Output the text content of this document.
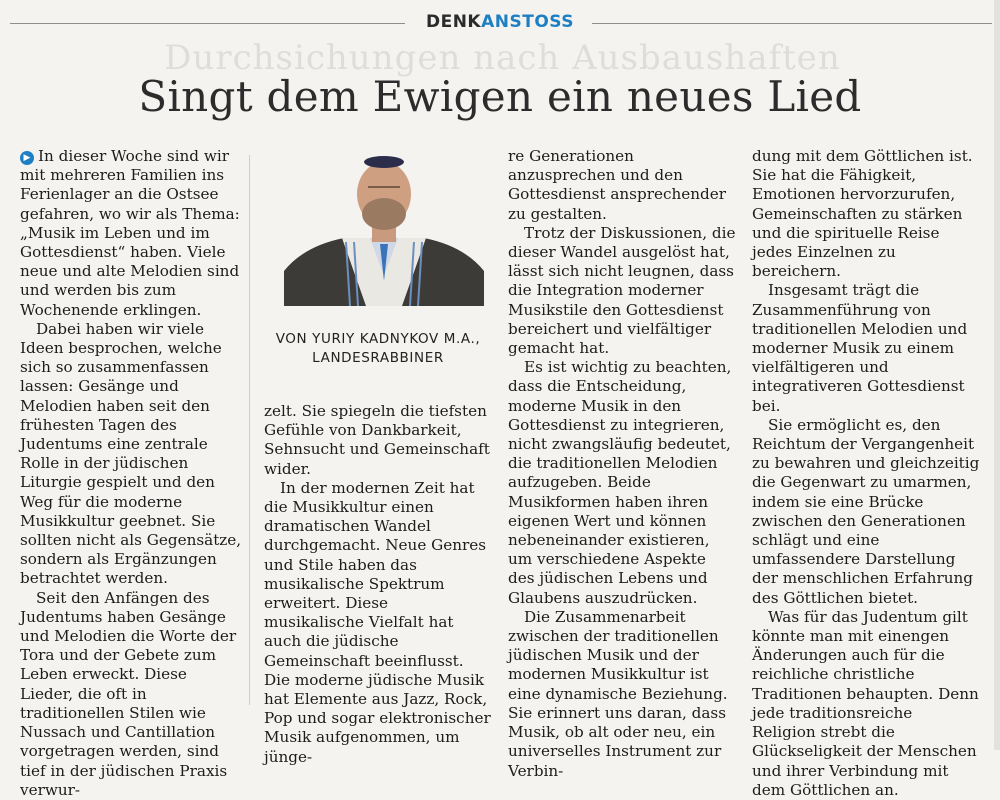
Durchsichungen nach Ausbaushaften
DENKANSTOSS
Singt dem Ewigen ein neues Lied

▶ In dieser Woche sind wir mit mehreren Familien ins Ferienlager an die Ostsee gefahren, wo wir als Thema: „Musik im Leben und im Gottesdienst“ haben. Viele neue und alte Melodien sind und werden bis zum Wochenende erklingen.

Dabei haben wir viele Ideen besprochen, welche sich so zusammenfassen lassen: Gesänge und Melodien haben seit den frühesten Tagen des Judentums eine zentrale Rolle in der jüdischen Liturgie gespielt und den Weg für die moderne Musikkultur geebnet. Sie sollten nicht als Gegensätze, sondern als Ergänzungen betrachtet werden.

Seit den Anfängen des Judentums haben Gesänge und Melodien die Worte der Tora und der Gebete zum Leben erweckt. Diese Lieder, die oft in traditionellen Stilen wie Nussach und Cantillation vorgetragen werden, sind tief in der jüdischen Praxis verwur-

VON YURIY KADNYKOV M.A.,
LANDESRABBINER

zelt. Sie spiegeln die tiefsten Gefühle von Dankbarkeit, Sehnsucht und Gemeinschaft wider.

In der modernen Zeit hat die Musikkultur einen dramatischen Wandel durchgemacht. Neue Genres und Stile haben das musikalische Spektrum erweitert. Diese musikalische Vielfalt hat auch die jüdische Gemeinschaft beeinflusst. Die moderne jüdische Musik hat Elemente aus Jazz, Rock, Pop und sogar elektronischer Musik aufgenommen, um jünge-

re Generationen anzusprechen und den Gottesdienst ansprechender zu gestalten.

Trotz der Diskussionen, die dieser Wandel ausgelöst hat, lässt sich nicht leugnen, dass die Integration moderner Musikstile den Gottesdienst bereichert und vielfältiger gemacht hat.

Es ist wichtig zu beachten, dass die Entscheidung, moderne Musik in den Gottesdienst zu integrieren, nicht zwangsläufig bedeutet, die traditionellen Melodien aufzugeben. Beide Musikformen haben ihren eigenen Wert und können nebeneinander existieren, um verschiedene Aspekte des jüdischen Lebens und Glaubens auszudrücken.

Die Zusammenarbeit zwischen der traditionellen jüdischen Musik und der modernen Musikkultur ist eine dynamische Beziehung. Sie erinnert uns daran, dass Musik, ob alt oder neu, ein universelles Instrument zur Verbin-

dung mit dem Göttlichen ist. Sie hat die Fähigkeit, Emotionen hervorzurufen, Gemeinschaften zu stärken und die spirituelle Reise jedes Einzelnen zu bereichern.

Insgesamt trägt die Zusammenführung von traditionellen Melodien und moderner Musik zu einem vielfältigeren und integrativeren Gottesdienst bei.

Sie ermöglicht es, den Reichtum der Vergangenheit zu bewahren und gleichzeitig die Gegenwart zu umarmen, indem sie eine Brücke zwischen den Generationen schlägt und eine umfassendere Darstellung der menschlichen Erfahrung des Göttlichen bietet.

Was für das Judentum gilt könnte man mit einengen Änderungen auch für die reichliche christliche Traditionen behaupten. Denn jede traditionsreiche Religion strebt die Glückseligkeit der Menschen und ihrer Verbindung mit dem Göttlichen an.
